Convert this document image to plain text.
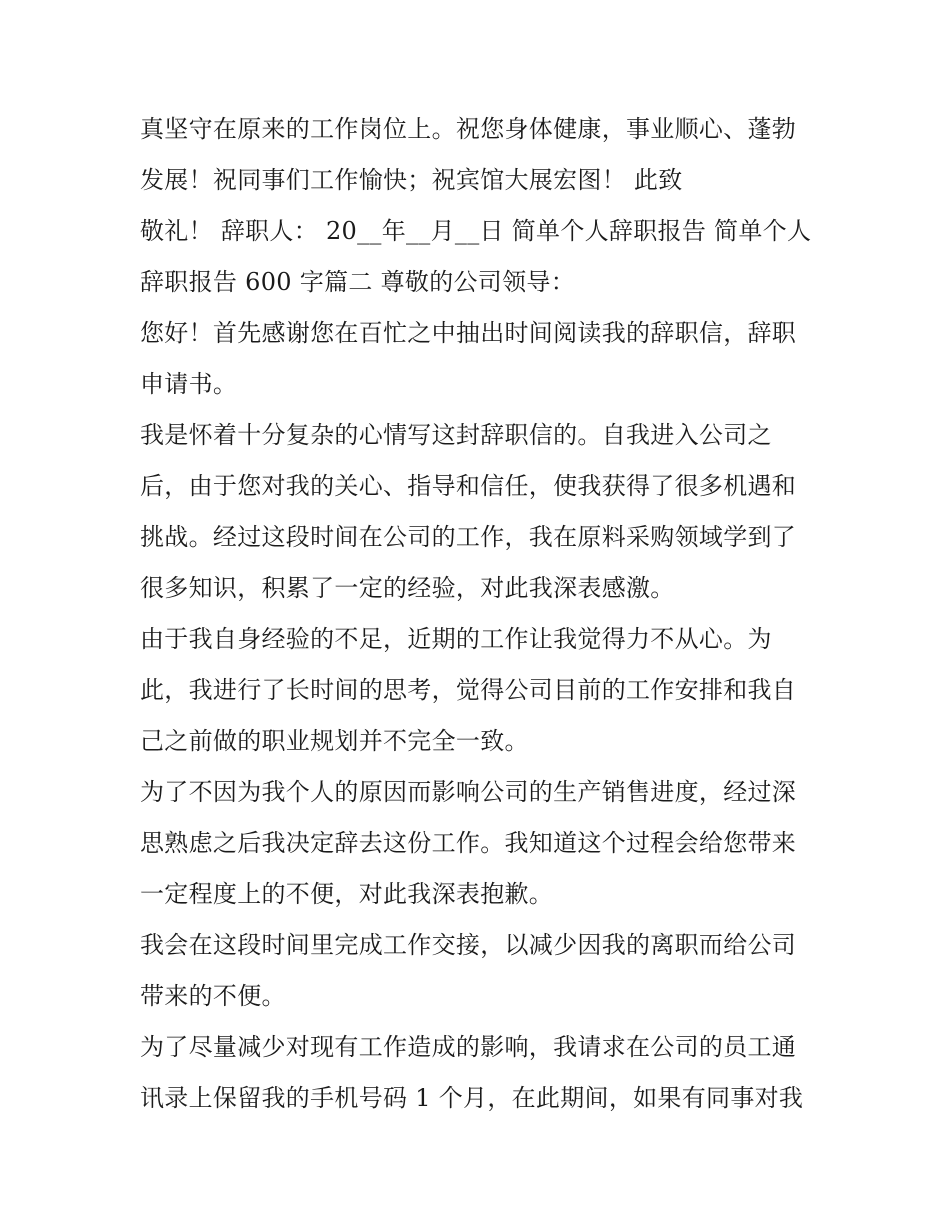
真坚守在原来的工作岗位上。祝您身体健康，事业顺心、蓬勃
发展！祝同事们工作愉快；祝宾馆大展宏图！ 此致
敬礼！ 辞职人： 20__年__月__日 简单个人辞职报告 简单个人
辞职报告 600 字篇二 尊敬的公司领导：
您好！首先感谢您在百忙之中抽出时间阅读我的辞职信，辞职
申请书。
我是怀着十分复杂的心情写这封辞职信的。自我进入公司之
后，由于您对我的关心、指导和信任，使我获得了很多机遇和
挑战。经过这段时间在公司的工作，我在原料采购领域学到了
很多知识，积累了一定的经验，对此我深表感激。
由于我自身经验的不足，近期的工作让我觉得力不从心。为
此，我进行了长时间的思考，觉得公司目前的工作安排和我自
己之前做的职业规划并不完全一致。
为了不因为我个人的原因而影响公司的生产销售进度，经过深
思熟虑之后我决定辞去这份工作。我知道这个过程会给您带来
一定程度上的不便，对此我深表抱歉。
我会在这段时间里完成工作交接，以减少因我的离职而给公司
带来的不便。
为了尽量减少对现有工作造成的影响，我请求在公司的员工通
讯录上保留我的手机号码 1 个月，在此期间，如果有同事对我
